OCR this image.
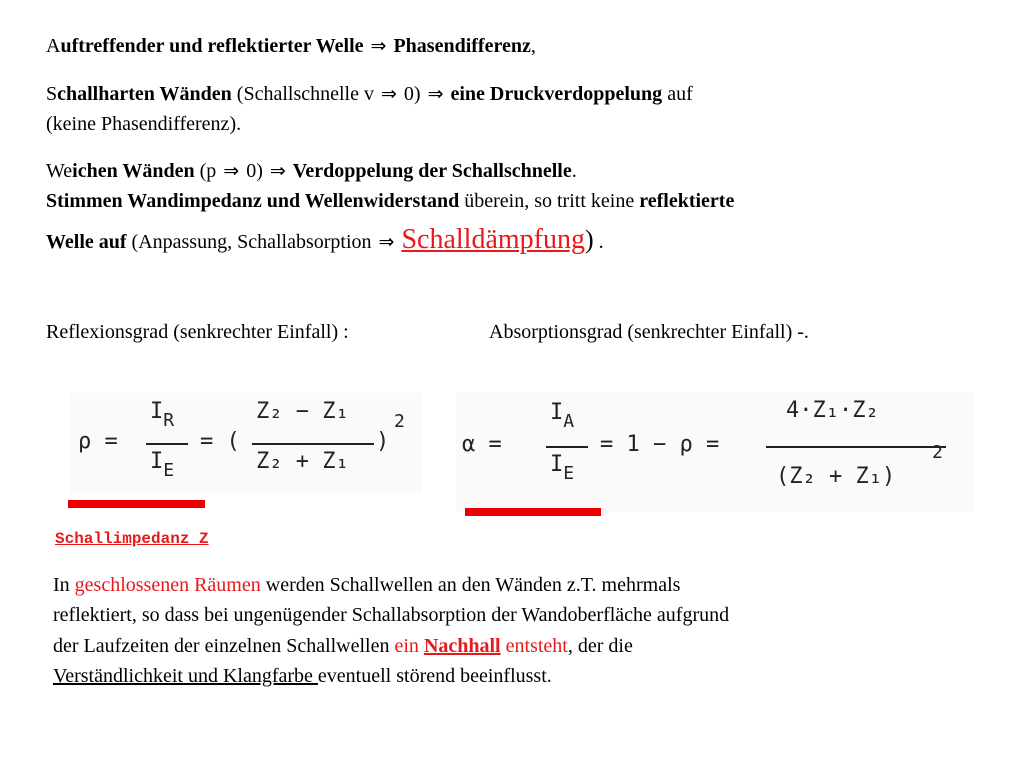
Auftreffender und reflektierter Welle ⇒ Phasendifferenz,
Schallharten Wänden (Schallschnelle v ⇒ 0) ⇒ eine Druckverdoppelung auf
(keine Phasendifferenz).
Weichen Wänden (p ⇒ 0) ⇒ Verdoppelung der Schallschnelle.
Stimmen Wandimpedanz und Wellenwiderstand überein, so tritt keine reflektierte
Welle auf (Anpassung, Schallabsorption ⇒ Schalldämpfung) .
Reflexionsgrad (senkrechter Einfall) :	Absorptionsgrad (senkrechter Einfall) -.
ρ =
$I_R$
$I_E$
= (
Z₂ − Z₁
Z₂ + Z₁
)
2
α =
$I_A$
$I_E$
= 1 − ρ =
4·Z₁·Z₂
(Z₂ + Z₁)
2
Schallimpedanz Z
In geschlossenen Räumen werden Schallwellen an den Wänden z.T. mehrmals
reflektiert, so dass bei ungenügender Schallabsorption der Wandoberfläche aufgrund
der Laufzeiten der einzelnen Schallwellen ein Nachhall entsteht, der die
Verständlichkeit und Klangfarbe eventuell störend beeinflusst.
